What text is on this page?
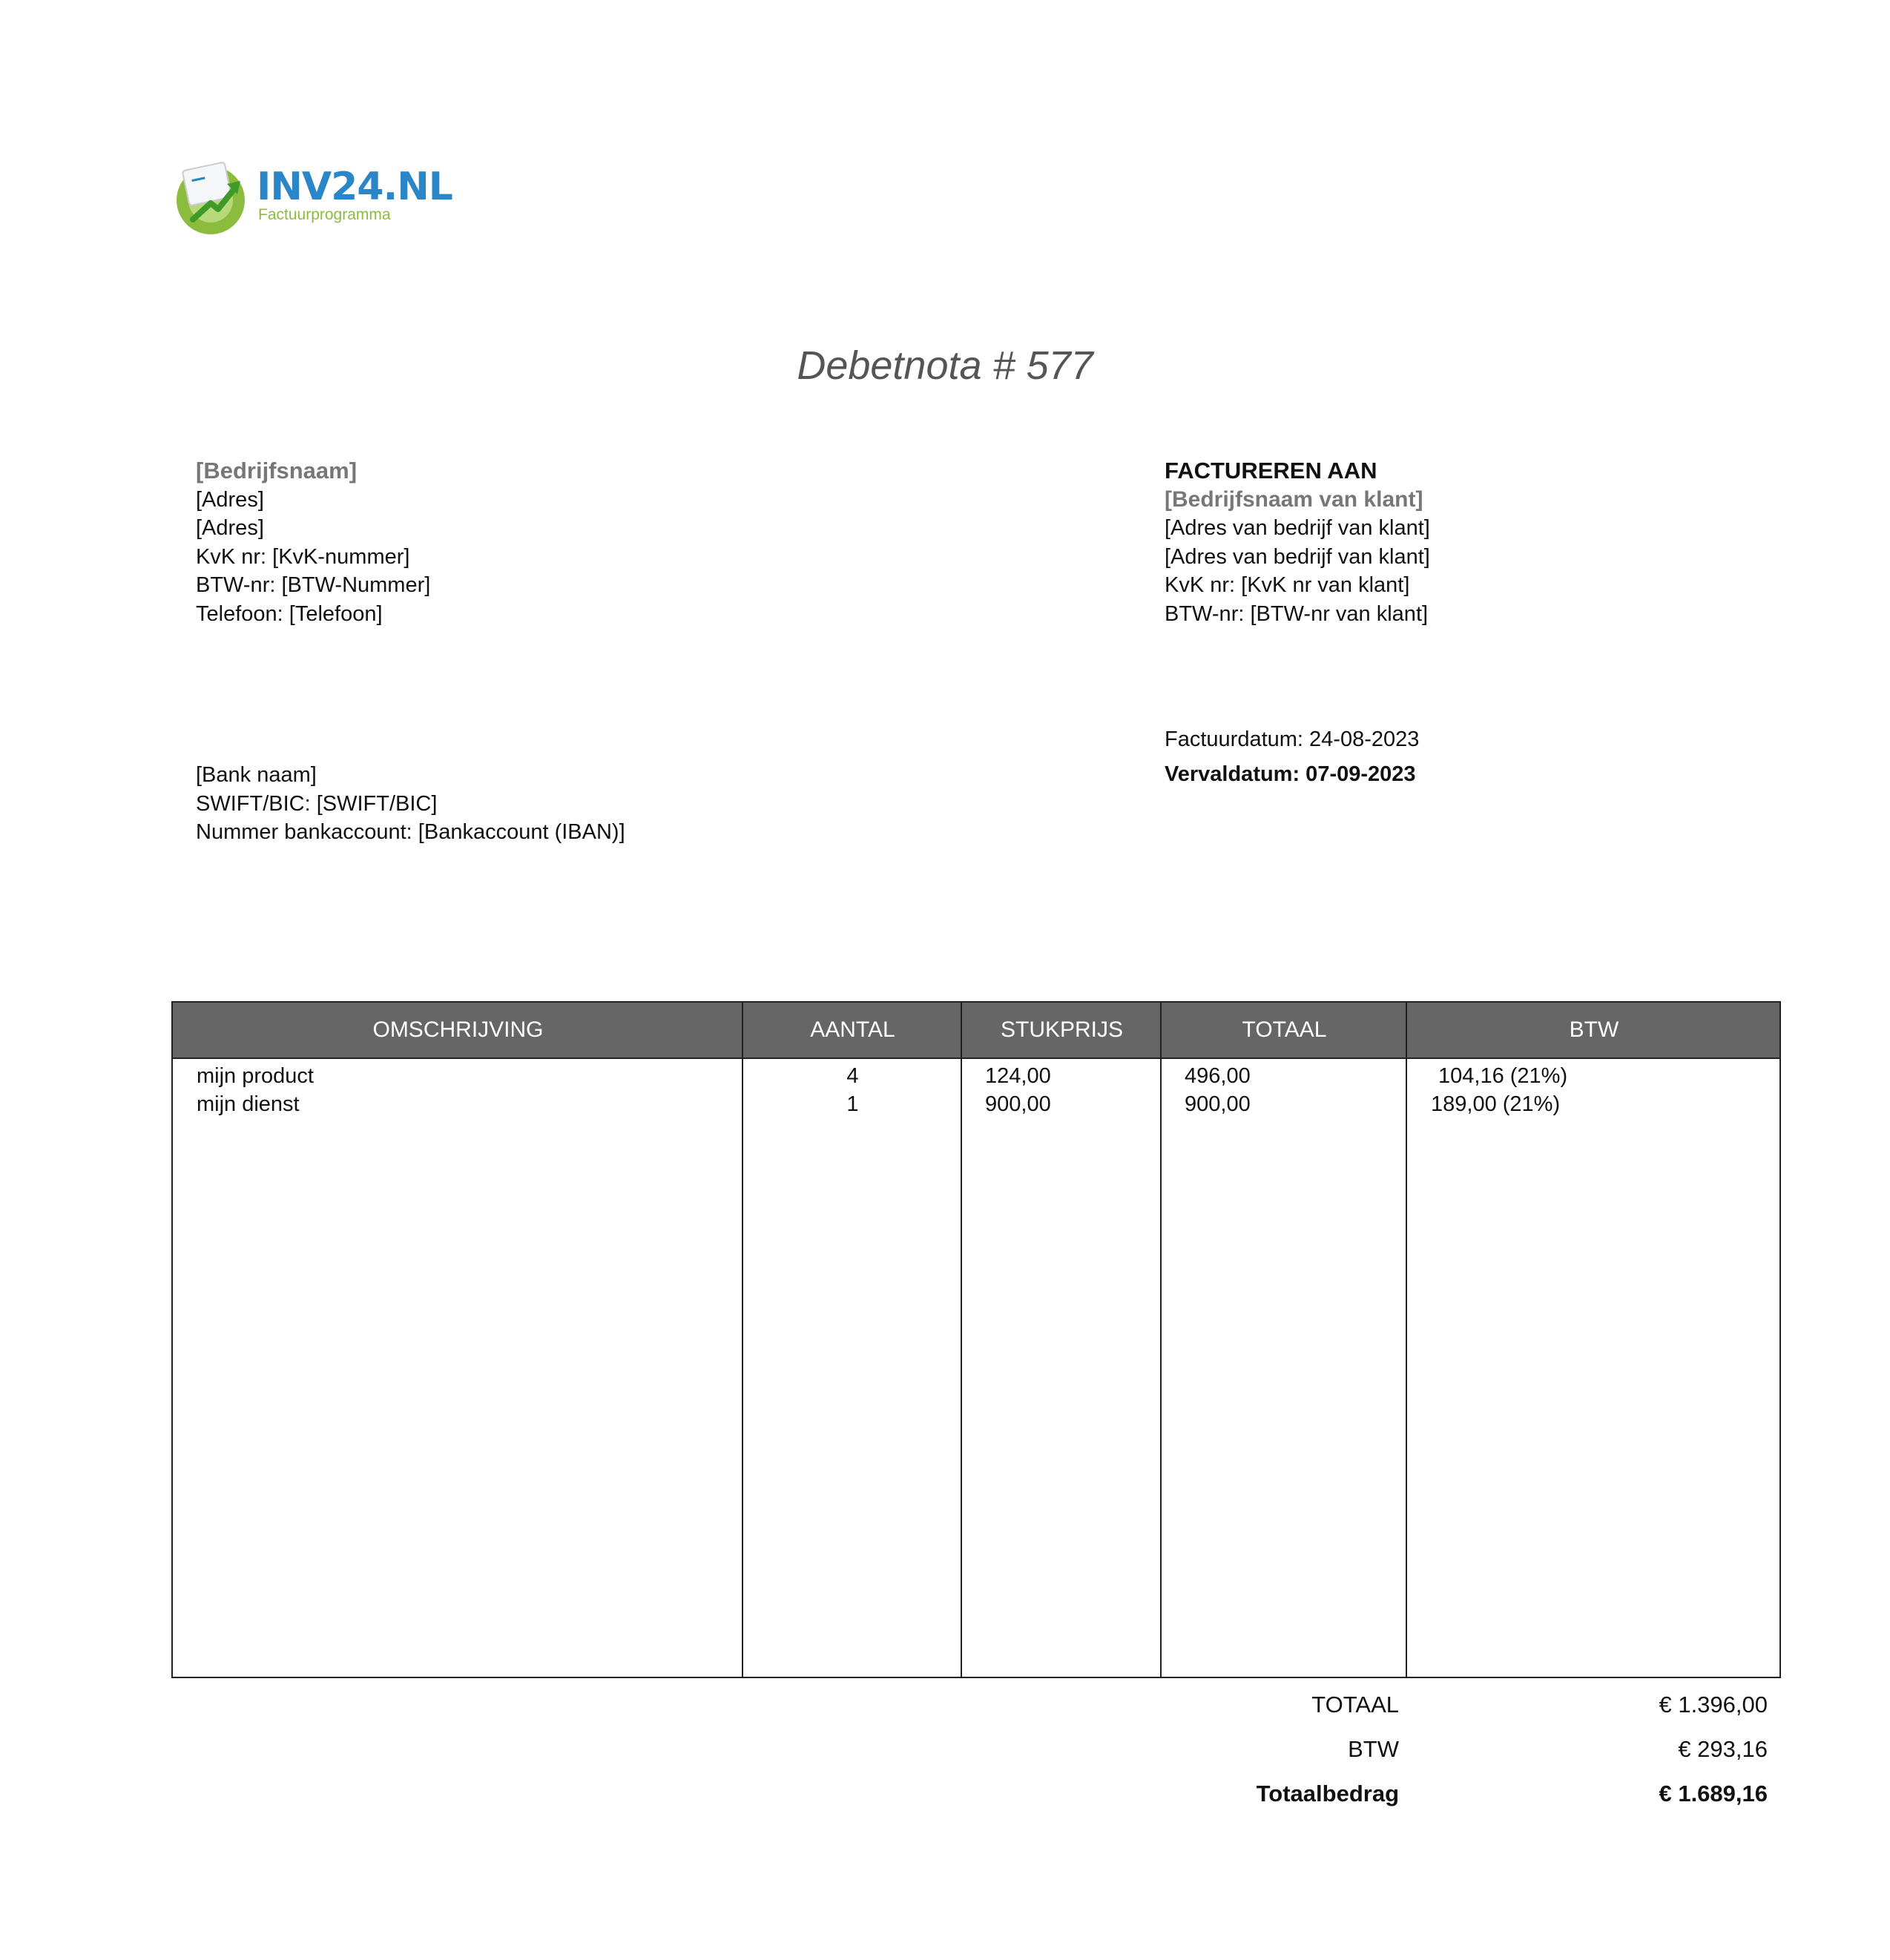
INV24.NL
Factuurprogramma
Debetnota # 577
[Bedrijfsnaam]
[Adres]
[Adres]
KvK nr: [KvK-nummer]
BTW-nr: [BTW-Nummer]
Telefoon: [Telefoon]
FACTUREREN AAN
[Bedrijfsnaam van klant]
[Adres van bedrijf van klant]
[Adres van bedrijf van klant]
KvK nr: [KvK nr van klant]
BTW-nr: [BTW-nr van klant]
[Bank naam]
SWIFT/BIC: [SWIFT/BIC]
Nummer bankaccount: [Bankaccount (IBAN)]
Factuurdatum: 24-08-2023
Vervaldatum: 07-09-2023
OMSCHRIJVING	AANTAL	STUKPRIJS	TOTAAL	BTW
mijn product	4	124,00	496,00	104,16 (21%)
mijn dienst	1	900,00	900,00	189,00 (21%)
TOTAAL	€ 1.396,00
BTW	€ 293,16
Totaalbedrag	€ 1.689,16
